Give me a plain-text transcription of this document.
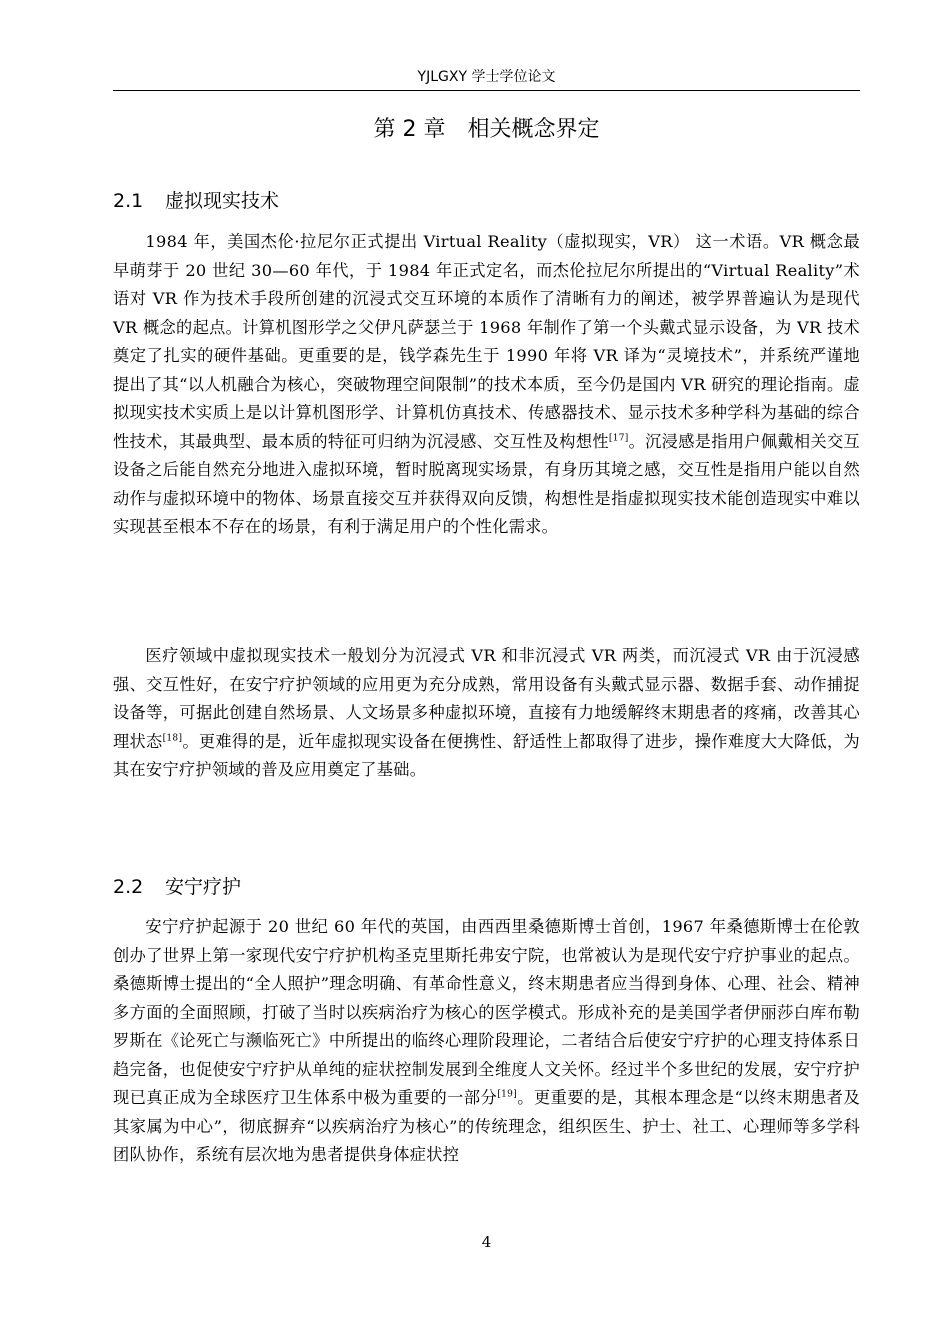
YJLGXY 学士学位论文
第 2 章 相关概念界定
2.1 虚拟现实技术

1984 年，美国杰伦·拉尼尔正式提出 Virtual Reality（虚拟现实，VR） 这一术语。VR 概念最早萌芽于 20 世纪 30—60 年代，于 1984 年正式定名，而杰伦拉尼尔所提出的“Virtual Reality”术语对 VR 作为技术手段所创建的沉浸式交互环境的本质作了清晰有力的阐述，被学界普遍认为是现代 VR 概念的起点。计算机图形学之父伊凡萨瑟兰于 1968 年制作了第一个头戴式显示设备，为 VR 技术奠定了扎实的硬件基础。更重要的是，钱学森先生于 1990 年将 VR 译为“灵境技术”，并系统严谨地提出了其“以人机融合为核心，突破物理空间限制”的技术本质，至今仍是国内 VR 研究的理论指南。虚拟现实技术实质上是以计算机图形学、计算机仿真技术、传感器技术、显示技术多种学科为基础的综合性技术，其最典型、最本质的特征可归纳为沉浸感、交互性及构想性[17]。沉浸感是指用户佩戴相关交互设备之后能自然充分地进入虚拟环境，暂时脱离现实场景，有身历其境之感，交互性是指用户能以自然动作与虚拟环境中的物体、场景直接交互并获得双向反馈，构想性是指虚拟现实技术能创造现实中难以实现甚至根本不存在的场景，有利于满足用户的个性化需求。

医疗领域中虚拟现实技术一般划分为沉浸式 VR 和非沉浸式 VR 两类，而沉浸式 VR 由于沉浸感强、交互性好，在安宁疗护领域的应用更为充分成熟，常用设备有头戴式显示器、数据手套、动作捕捉设备等，可据此创建自然场景、人文场景多种虚拟环境，直接有力地缓解终末期患者的疼痛，改善其心理状态[18]。更难得的是，近年虚拟现实设备在便携性、舒适性上都取得了进步，操作难度大大降低，为其在安宁疗护领域的普及应用奠定了基础。

2.2 安宁疗护

安宁疗护起源于 20 世纪 60 年代的英国，由西西里桑德斯博士首创，1967 年桑德斯博士在伦敦创办了世界上第一家现代安宁疗护机构圣克里斯托弗安宁院，也常被认为是现代安宁疗护事业的起点。桑德斯博士提出的“全人照护”理念明确、有革命性意义，终末期患者应当得到身体、心理、社会、精神多方面的全面照顾，打破了当时以疾病治疗为核心的医学模式。形成补充的是美国学者伊丽莎白库布勒罗斯在《论死亡与濒临死亡》中所提出的临终心理阶段理论，二者结合后使安宁疗护的心理支持体系日趋完备，也促使安宁疗护从单纯的症状控制发展到全维度人文关怀。经过半个多世纪的发展，安宁疗护现已真正成为全球医疗卫生体系中极为重要的一部分[19]。更重要的是，其根本理念是“以终末期患者及其家属为中心”，彻底摒弃“以疾病治疗为核心”的传统理念，组织医生、护士、社工、心理师等多学科团队协作，系统有层次地为患者提供身体症状控

4
